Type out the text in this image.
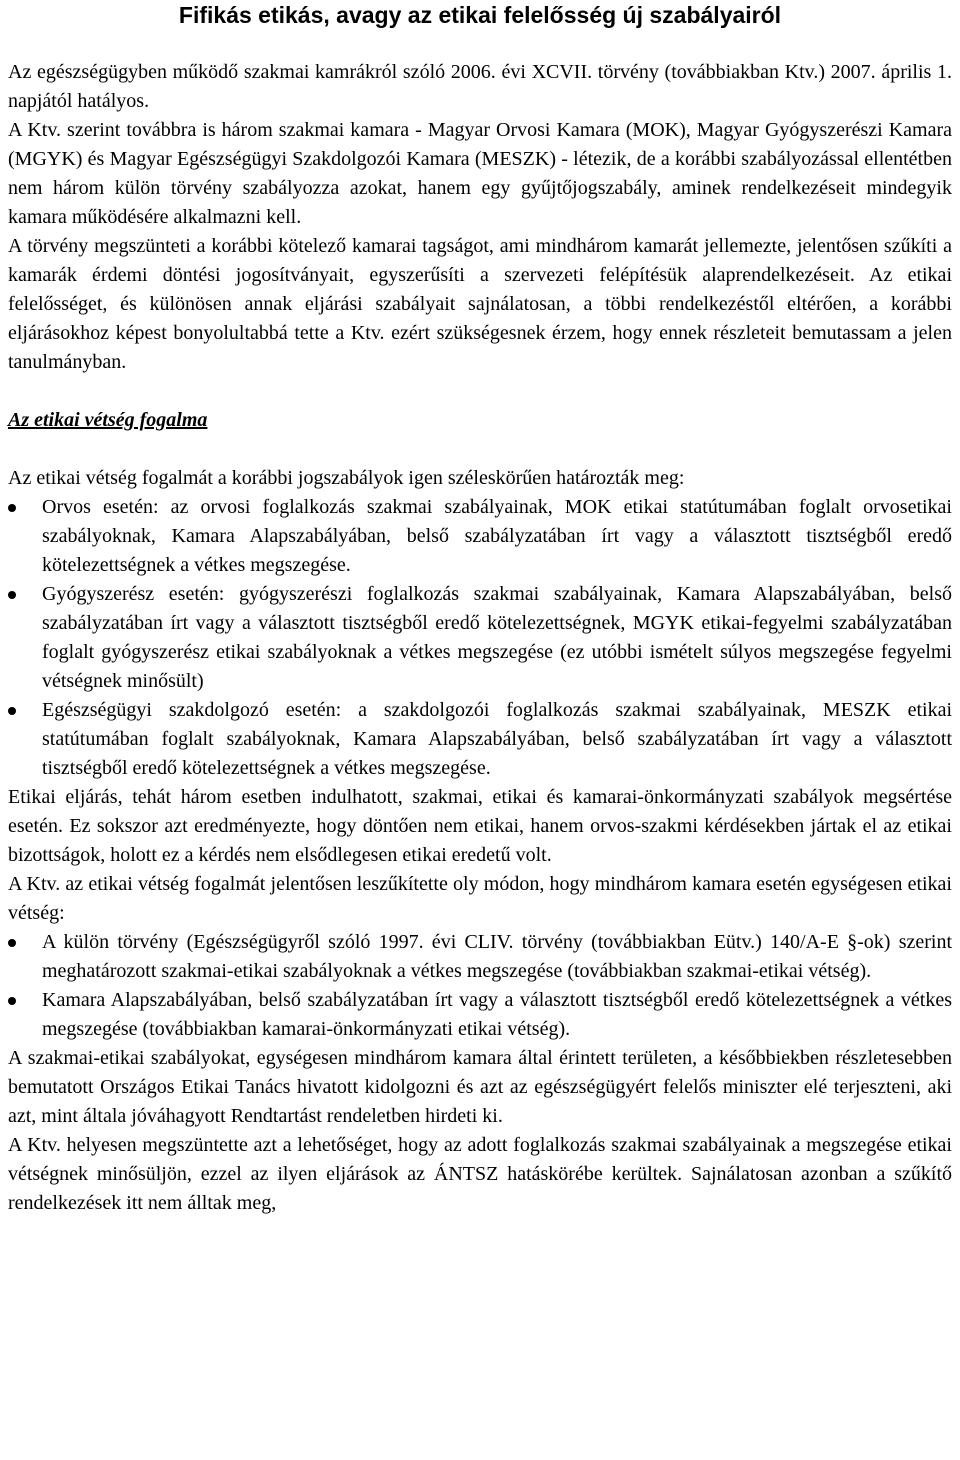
Fifikás etikás, avagy az etikai felelősség új szabályairól

Az egészségügyben működő szakmai kamrákról szóló 2006. évi XCVII. törvény (továbbiakban Ktv.) 2007. április 1. napjától hatályos.

A Ktv. szerint továbbra is három szakmai kamara - Magyar Orvosi Kamara (MOK), Magyar Gyógyszerészi Kamara (MGYK) és Magyar Egészségügyi Szakdolgozói Kamara (MESZK) - létezik, de a korábbi szabályozással ellentétben nem három külön törvény szabályozza azokat, hanem egy gyűjtőjogszabály, aminek rendelkezéseit mindegyik kamara működésére alkalmazni kell.

A törvény megszünteti a korábbi kötelező kamarai tagságot, ami mindhárom kamarát jellemezte, jelentősen szűkíti a kamarák érdemi döntési jogosítványait, egyszerűsíti a szervezeti felépítésük alaprendelkezéseit. Az etikai felelősséget, és különösen annak eljárási szabályait sajnálatosan, a többi rendelkezéstől eltérően, a korábbi eljárásokhoz képest bonyolultabbá tette a Ktv. ezért szükségesnek érzem, hogy ennek részleteit bemutassam a jelen tanulmányban.

Az etikai vétség fogalma

Az etikai vétség fogalmát a korábbi jogszabályok igen széleskörűen határozták meg:

Orvos esetén: az orvosi foglalkozás szakmai szabályainak, MOK etikai statútumában foglalt orvosetikai szabályoknak, Kamara Alapszabályában, belső szabályzatában írt vagy a választott tisztségből eredő kötelezettségnek a vétkes megszegése.
Gyógyszerész esetén: gyógyszerészi foglalkozás szakmai szabályainak, Kamara Alapszabályában, belső szabályzatában írt vagy a választott tisztségből eredő kötelezettségnek, MGYK etikai-fegyelmi szabályzatában foglalt gyógyszerész etikai szabályoknak a vétkes megszegése (ez utóbbi ismételt súlyos megszegése fegyelmi vétségnek minősült)
Egészségügyi szakdolgozó esetén: a szakdolgozói foglalkozás szakmai szabályainak, MESZK etikai statútumában foglalt szabályoknak, Kamara Alapszabályában, belső szabályzatában írt vagy a választott tisztségből eredő kötelezettségnek a vétkes megszegése.

Etikai eljárás, tehát három esetben indulhatott, szakmai, etikai és kamarai-önkormányzati szabályok megsértése esetén. Ez sokszor azt eredményezte, hogy döntően nem etikai, hanem orvos-szakmi kérdésekben jártak el az etikai bizottságok, holott ez a kérdés nem elsődlegesen etikai eredetű volt.

A Ktv. az etikai vétség fogalmát jelentősen leszűkítette oly módon, hogy mindhárom kamara esetén egységesen etikai vétség:

A külön törvény (Egészségügyről szóló 1997. évi CLIV. törvény (továbbiakban Eütv.) 140/A-E §-ok) szerint meghatározott szakmai-etikai szabályoknak a vétkes megszegése (továbbiakban szakmai-etikai vétség).
Kamara Alapszabályában, belső szabályzatában írt vagy a választott tisztségből eredő kötelezettségnek a vétkes megszegése (továbbiakban kamarai-önkormányzati etikai vétség).

A szakmai-etikai szabályokat, egységesen mindhárom kamara által érintett területen, a későbbiekben részletesebben bemutatott Országos Etikai Tanács hivatott kidolgozni és azt az egészségügyért felelős miniszter elé terjeszteni, aki azt, mint általa jóváhagyott Rendtartást rendeletben hirdeti ki.

A Ktv. helyesen megszüntette azt a lehetőséget, hogy az adott foglalkozás szakmai szabályainak a megszegése etikai vétségnek minősüljön, ezzel az ilyen eljárások az ÁNTSZ hatáskörébe kerültek. Sajnálatosan azonban a szűkítő rendelkezések itt nem álltak meg,
